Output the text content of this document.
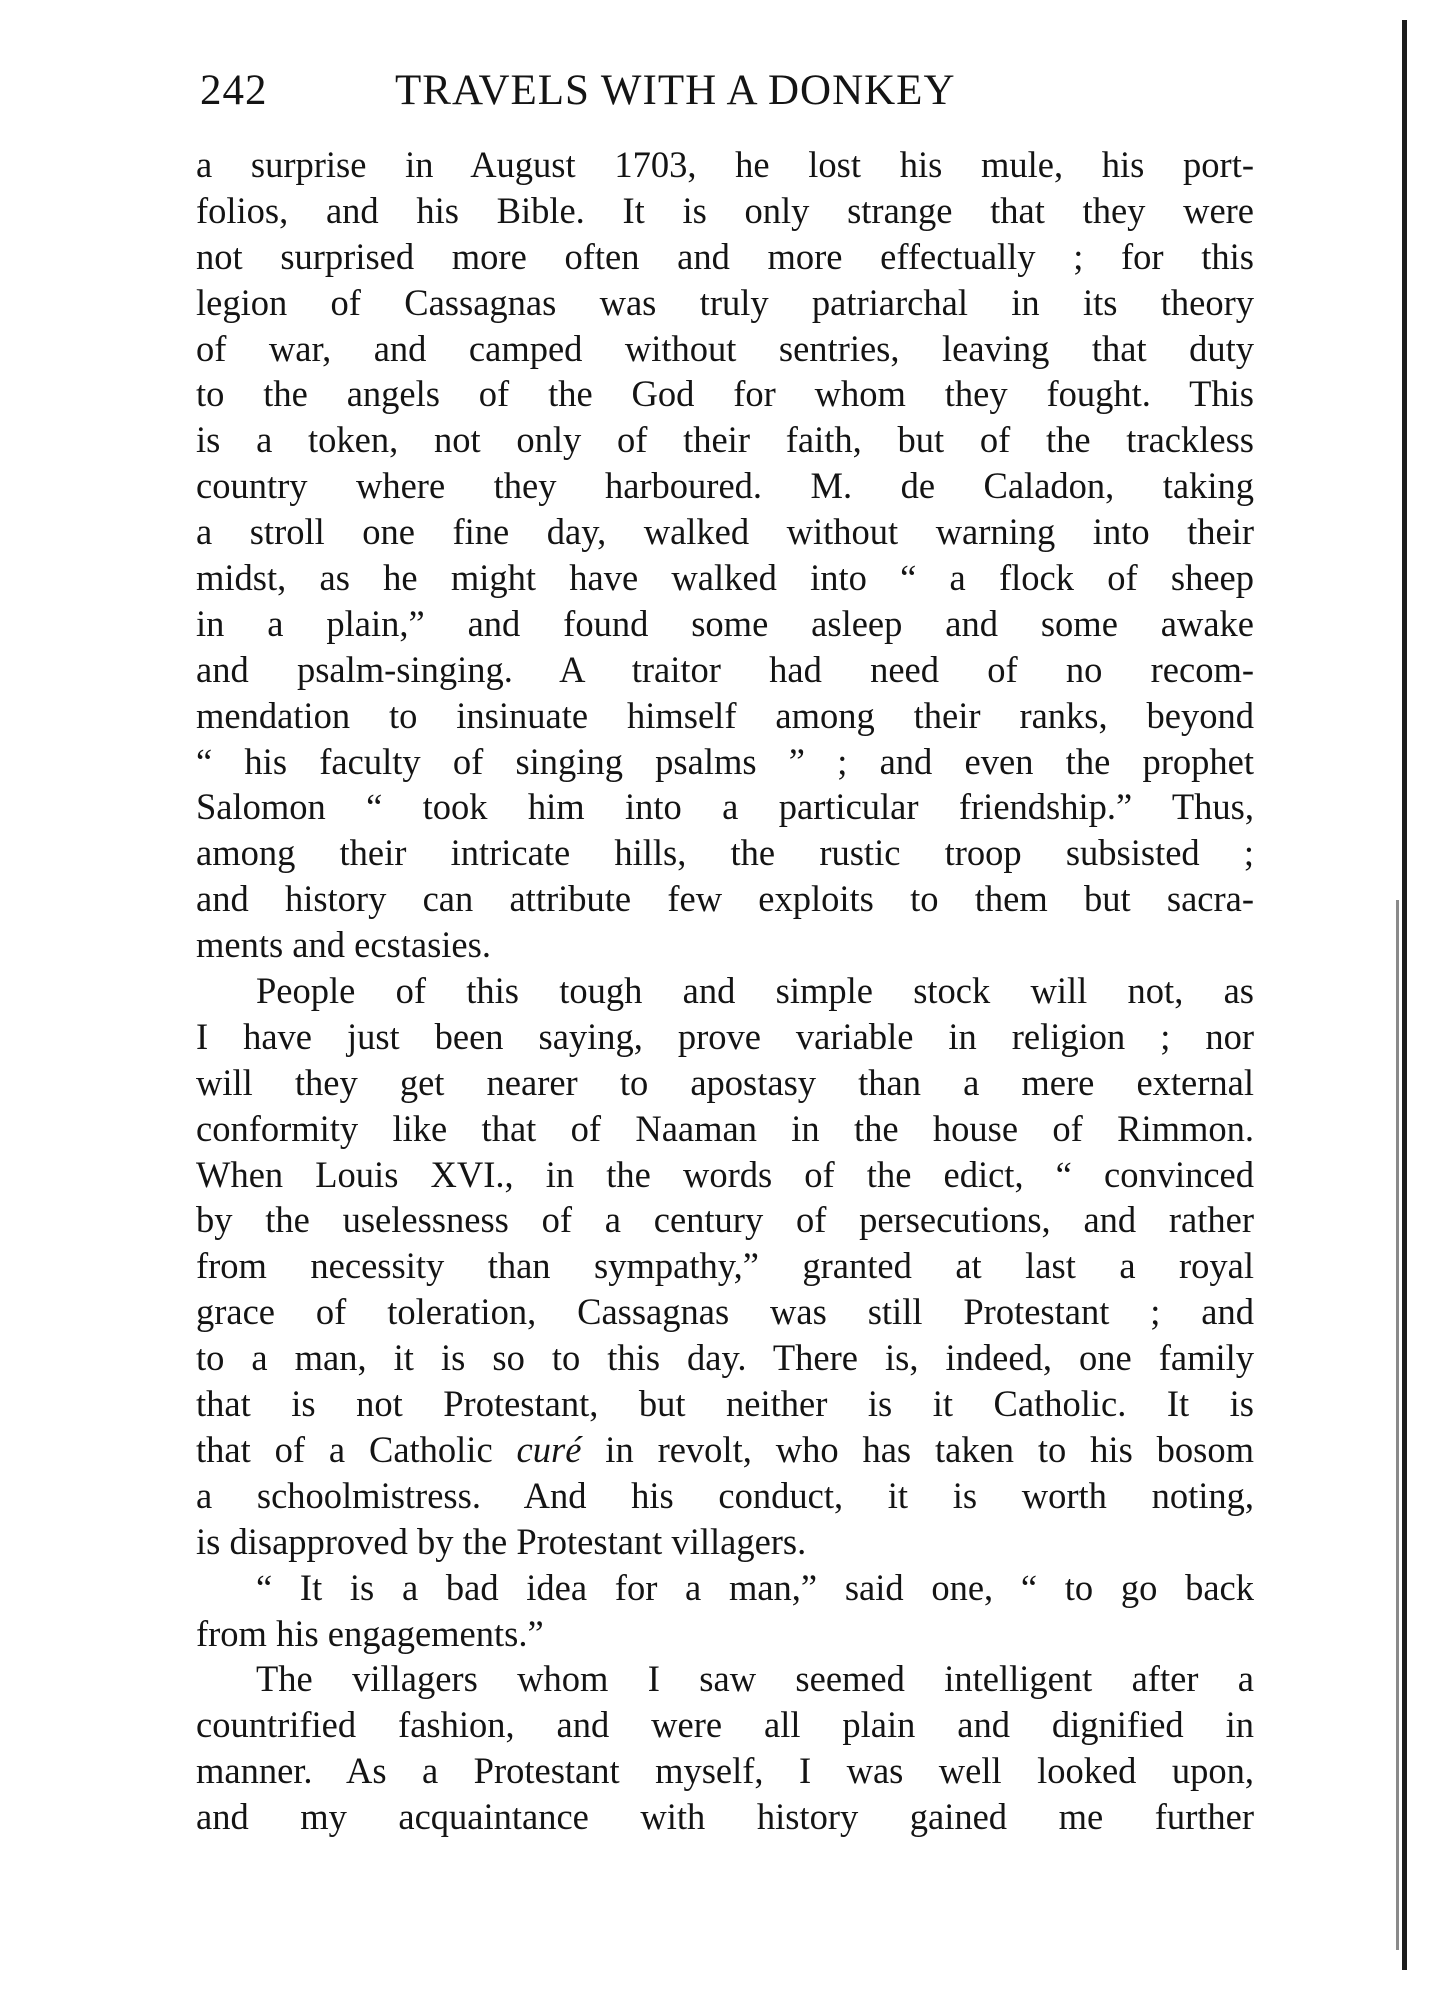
242	TRAVELS WITH A DONKEY
a surprise in August 1703, he lost his mule, his port-
folios, and his Bible. It is only strange that they were
not surprised more often and more effectually ; for this
legion of Cassagnas was truly patriarchal in its theory
of war, and camped without sentries, leaving that duty
to the angels of the God for whom they fought. This
is a token, not only of their faith, but of the trackless
country where they harboured. M. de Caladon, taking
a stroll one fine day, walked without warning into their
midst, as he might have walked into “ a flock of sheep
in a plain,” and found some asleep and some awake
and psalm-singing. A traitor had need of no recom-
mendation to insinuate himself among their ranks, beyond
“ his faculty of singing psalms ” ; and even the prophet
Salomon “ took him into a particular friendship.” Thus,
among their intricate hills, the rustic troop subsisted ;
and history can attribute few exploits to them but sacra-
ments and ecstasies.
People of this tough and simple stock will not, as
I have just been saying, prove variable in religion ; nor
will they get nearer to apostasy than a mere external
conformity like that of Naaman in the house of Rimmon.
When Louis XVI., in the words of the edict, “ convinced
by the uselessness of a century of persecutions, and rather
from necessity than sympathy,” granted at last a royal
grace of toleration, Cassagnas was still Protestant ; and
to a man, it is so to this day. There is, indeed, one family
that is not Protestant, but neither is it Catholic. It is
that of a Catholic curé in revolt, who has taken to his bosom
a schoolmistress. And his conduct, it is worth noting,
is disapproved by the Protestant villagers.
“ It is a bad idea for a man,” said one, “ to go back
from his engagements.”
The villagers whom I saw seemed intelligent after a
countrified fashion, and were all plain and dignified in
manner. As a Protestant myself, I was well looked upon,
and my acquaintance with history gained me further
